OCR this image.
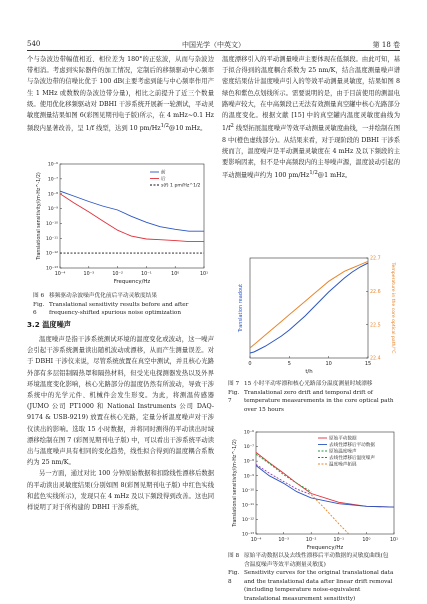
540	中国光学（中英文）	第 18 卷

个与杂波边带幅值相近、相位差为 180°的正弦波，从而与杂波边带相消。考虑到实际器件的加工情况，定制后的移频驱动中心频率与杂波边带的信噪比优于 100 dB(主要考虑到能与中心频率作用产生 1 MHz 或数数的杂波边带分量)，相比之前提升了近三个数量级。使用优化移频驱动对 DBHI 干涉系统开展新一轮测试，平动灵敏度测量结果如图 6(彩图见期刊电子版)所示，在 4 mHz~0.1 Hz 频段内显著改善，呈 1/f 线型，达到 10 $pm/Hz^{1/2}@10$ mHz。

10⁻⁴	10⁻³	10⁻²	10⁻¹	10⁰	10¹
10⁻¹³
10⁻¹²
10⁻¹¹
10⁻¹⁰
10⁻⁹
10⁻⁸
10⁻⁷
10⁻⁶
Frequency/Hz
Translational sensitivity/(m·Hz^-1/2)	前
后
s(f) 1 pm/Hz^1/2
图 6 移频驱动杂波噪声优化前后平动灵敏度结果
Fig. 6Translational sensitivity results before and after frequency-shifted spurious noise optimization
3.2 温度噪声

温度噪声是指干涉系统测试环境的温度变化或波动，这一噪声会引起干涉系统测量读出随机波动或漂移，从而产生测量误差。对于 DBHI 干涉仪来说，尽管系统放置在真空中测试，并且核心光路外部有多层铝制隔热罩和隔热材料，但受光电探测器发热以及外界环境温度变化影响，核心光路部分的温度仍然有所波动，导致干涉系统中的光学元件、机械件会发生形变。为此，将测温传感器 (JUMO 公司 PT1000 和 National Instruments 公司 DAQ-9174 & USB-9219) 放置在核心光路，定量分析温度噪声对干涉仪读出的影响。选取 15 小时数据，并将同时测得的平动读出时域漂移绘制在图 7 (彩图见期刊电子版) 中，可以看出干涉系统平动读出与温度噪声具有相同的变化趋势，线性拟合得到的温度耦合系数约为 25 nm/K。

另一方面，通过对比 100 分钟原始数据和扣除线性漂移后数据的平动读出灵敏度结果(分别如图 8(彩图见期刊电子版) 中红色实线和蓝色实线所示)，发现只在 4 mHz 及以下频段得到改善。这也同样说明了对于所构建的 DBHI 干涉系统，

温度漂移引入的平动测量噪声主要体现在低频段。由此可知，基于拟合得到的温度耦合系数为 25 nm/K，结合温度测量噪声谱密度结果估计温度噪声引入的等效平动测量灵敏度，结果如图 8 绿色和紫色点划线所示。需要说明的是，由于目前使用的测温电路噪声较大，在中高频段已无法有效测量真空罐中核心光路部分的温度变化。根据文献 [15] 中的真空罐内温度灵敏度曲线为 $1/f^2$ 线型拓展温度噪声等效平动测量灵敏度曲线，一并绘制在图 8 中(橙色虚线部分)。从结果来看，对于现阶段的 DBHI 干涉系统而言，温度噪声是平动测量灵敏度在 4 mHz 及以下频段的主要影响因素，但不是中高频段内的主导噪声源，温度波动引起的平动测量噪声约为 100 $pm/Hz^{1/2}@1$ mHz。

0	5	10	15
22.4
22.5
22.6
22.7
t/h
Translation readout	Temperature in the core optical path/°C
图 7 15 小时平动零漂和核心光路部分温度测量时域漂移
Fig. 7Translational zero drift and temporal drift of temperature measurements in the core optical path over 15 hours
10⁻⁴	10⁻³	10⁻²	10⁻¹	10⁰	10¹
10⁻¹³
10⁻¹²
10⁻¹¹
10⁻¹⁰
10⁻⁹
10⁻⁸
10⁻⁷
10⁻⁶
Frequency/Hz
Translational sensitivity/(m·Hz^-1/2)
原始平动数据
去线性漂移后平动数据
原始温度噪声
去线性漂移后温度噪声
温度噪声拓展
图 8 原始平动数据以及去线性漂移后平动数据的灵敏度曲线(包含温度噪声等效平动测量灵敏度)
Fig. 8Sensitivity curves for the original translational data and the translational data after linear drift removal (including temperature noise-equivalent translational measurement sensitivity)
